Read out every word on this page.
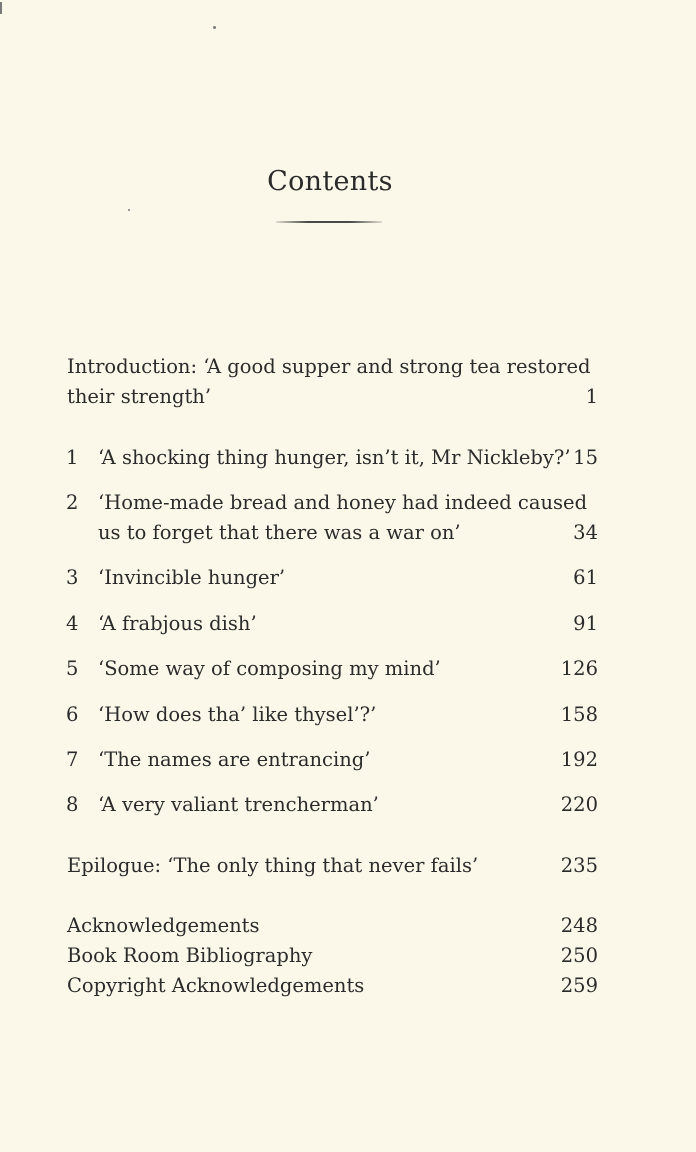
Contents
Introduction: ‘A good supper and strong tea restored
their strength’	1
1 ‘A shocking thing hunger, isn’t it, Mr Nickleby?’ 15
2 ‘Home-made bread and honey had indeed caused
us to forget that there was a war on’	34
3 ‘Invincible hunger’	61
4 ‘A frabjous dish’	91
5 ‘Some way of composing my mind’	126
6 ‘How does tha’ like thysel’?’	158
7 ‘The names are entrancing’	192
8 ‘A very valiant trencherman’	220
Epilogue: ‘The only thing that never fails’	235
Acknowledgements	248
Book Room Bibliography	250
Copyright Acknowledgements	259
